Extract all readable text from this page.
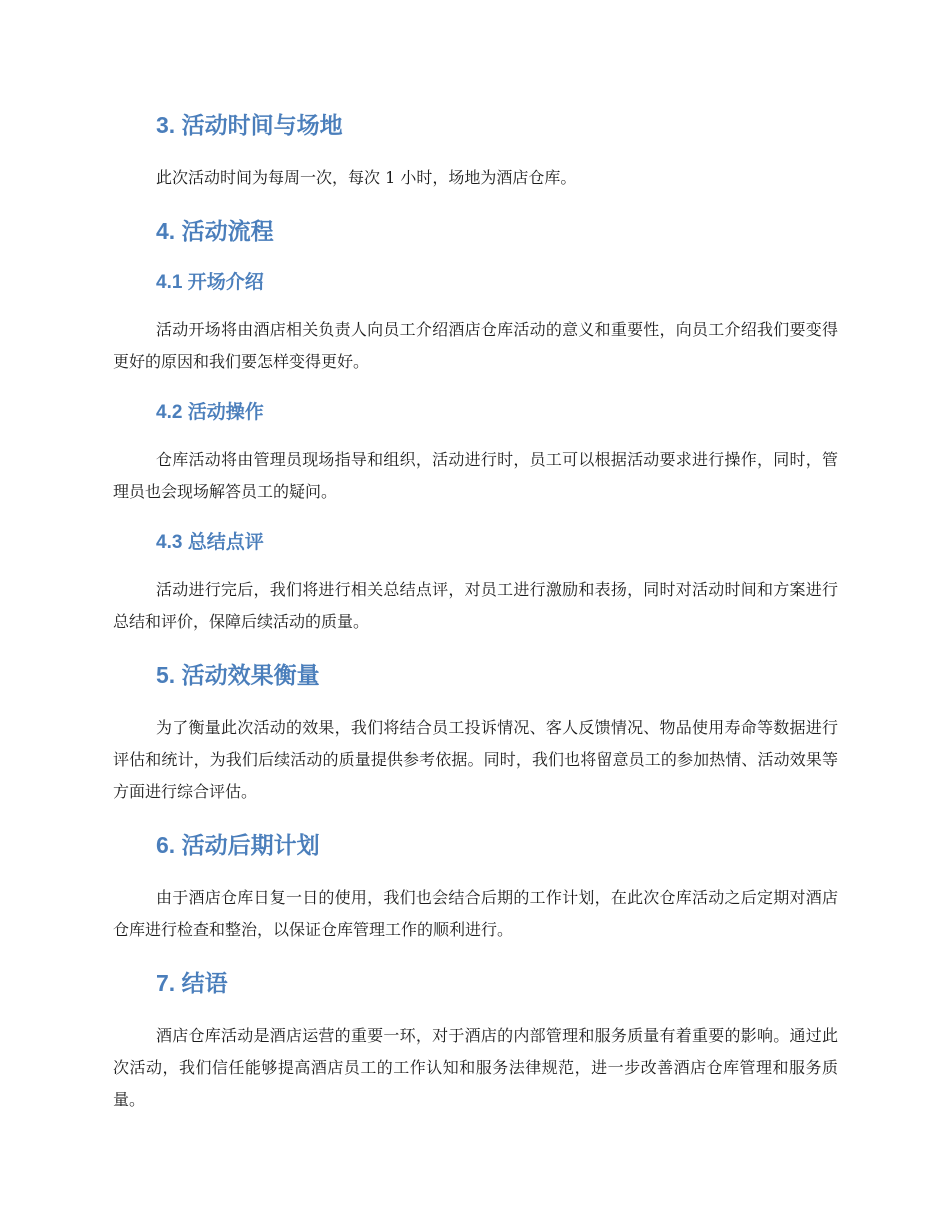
3. 活动时间与场地

此次活动时间为每周一次，每次 1 小时，场地为酒店仓库。

4. 活动流程
4.1 开场介绍

活动开场将由酒店相关负责人向员工介绍酒店仓库活动的意义和重要性，向员工介绍我们要变得更好的原因和我们要怎样变得更好。

4.2 活动操作

仓库活动将由管理员现场指导和组织，活动进行时，员工可以根据活动要求进行操作，同时，管理员也会现场解答员工的疑问。

4.3 总结点评

活动进行完后，我们将进行相关总结点评，对员工进行激励和表扬，同时对活动时间和方案进行总结和评价，保障后续活动的质量。

5. 活动效果衡量

为了衡量此次活动的效果，我们将结合员工投诉情况、客人反馈情况、物品使用寿命等数据进行评估和统计，为我们后续活动的质量提供参考依据。同时，我们也将留意员工的参加热情、活动效果等方面进行综合评估。

6. 活动后期计划

由于酒店仓库日复一日的使用，我们也会结合后期的工作计划，在此次仓库活动之后定期对酒店仓库进行检查和整治，以保证仓库管理工作的顺利进行。

7. 结语

酒店仓库活动是酒店运营的重要一环，对于酒店的内部管理和服务质量有着重要的影响。通过此次活动，我们信任能够提高酒店员工的工作认知和服务法律规范，进一步改善酒店仓库管理和服务质量。
